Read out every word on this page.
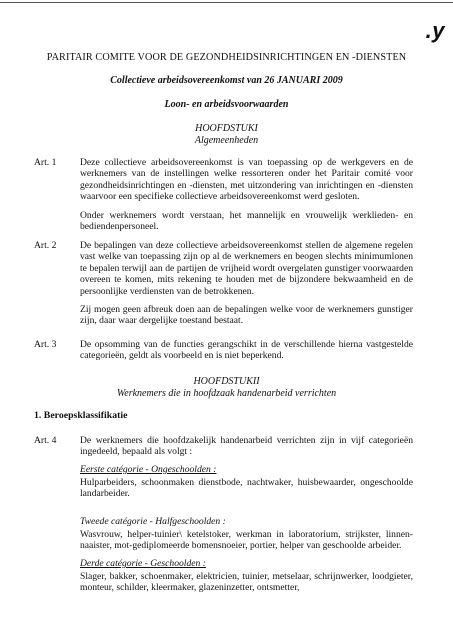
.y
PARITAIR COMITE VOOR DE GEZONDHEIDSINRICHTINGEN EN -DIENSTEN
Collectieve arbeidsovereenkomst van 26 JANUARI 2009
Loon- en arbeidsvoorwaarden
HOOFDSTUKI
Algemeenheden
Art. 1 Deze collectieve arbeidsovereenkomst is van toepassing op de werkgevers en de werknemers van de instellingen welke ressorteren onder het Paritair comité voor gezondheidsinrichtingen en -diensten, met uitzondering van inrichtingen en -diensten waarvoor een specifieke collectieve arbeidsovereenkomst werd gesloten.
Onder werknemers wordt verstaan, het mannelijk en vrouwelijk werklieden- en bediendenpersoneel.
Art. 2 De bepalingen van deze collectieve arbeidsovereenkomst stellen de algemene regelen vast welke van toepassing zijn op al de werknemers en beogen slechts minimumlonen te bepalen terwijl aan de partijen de vrijheid wordt overgelaten gunstiger voorwaarden overeen te komen, mits rekening te houden met de bijzondere bekwaamheid en de persoonlijke verdiensten van de betrokkenen.
Zij mogen geen afbreuk doen aan de bepalingen welke voor de werknemers gunstiger zijn, daar waar dergelijke toestand bestaat.
Art. 3 De opsomming van de functies gerangschikt in de verschillende hierna vastgestelde categorieën, geldt als voorbeeld en is niet beperkend.
HOOFDSTUKII
Werknemers die in hoofdzaak handenarbeid verrichten
1. Beroepsklassifikatie
Art. 4 De werknemers die hoofdzakelijk handenarbeid verrichten zijn in vijf categorieën ingedeeld, bepaald als volgt :
Eerste catégorie - Ongeschoolden :
Hulparbeiders, schoonmaken dienstbode, nachtwaker, huisbewaarder, ongeschoolde landarbeider.
Tweede catégorie - Halfgeschoolden :
Wasvrouw, helper-tuinier\ ketelstoker, werkman in laboratorium, strijkster, linnen-naaister, mot-gediplomeerde bomensnoeier, portier, helper van geschoolde arbeider.
Derde catégorie - Geschoolden :
Slager, bakker, schoenmaker, elektricien, tuinier, metselaar, schrijnwerker, loodgieter, monteur, schilder, kleermaker, glazeninzetter, ontsmetter,
